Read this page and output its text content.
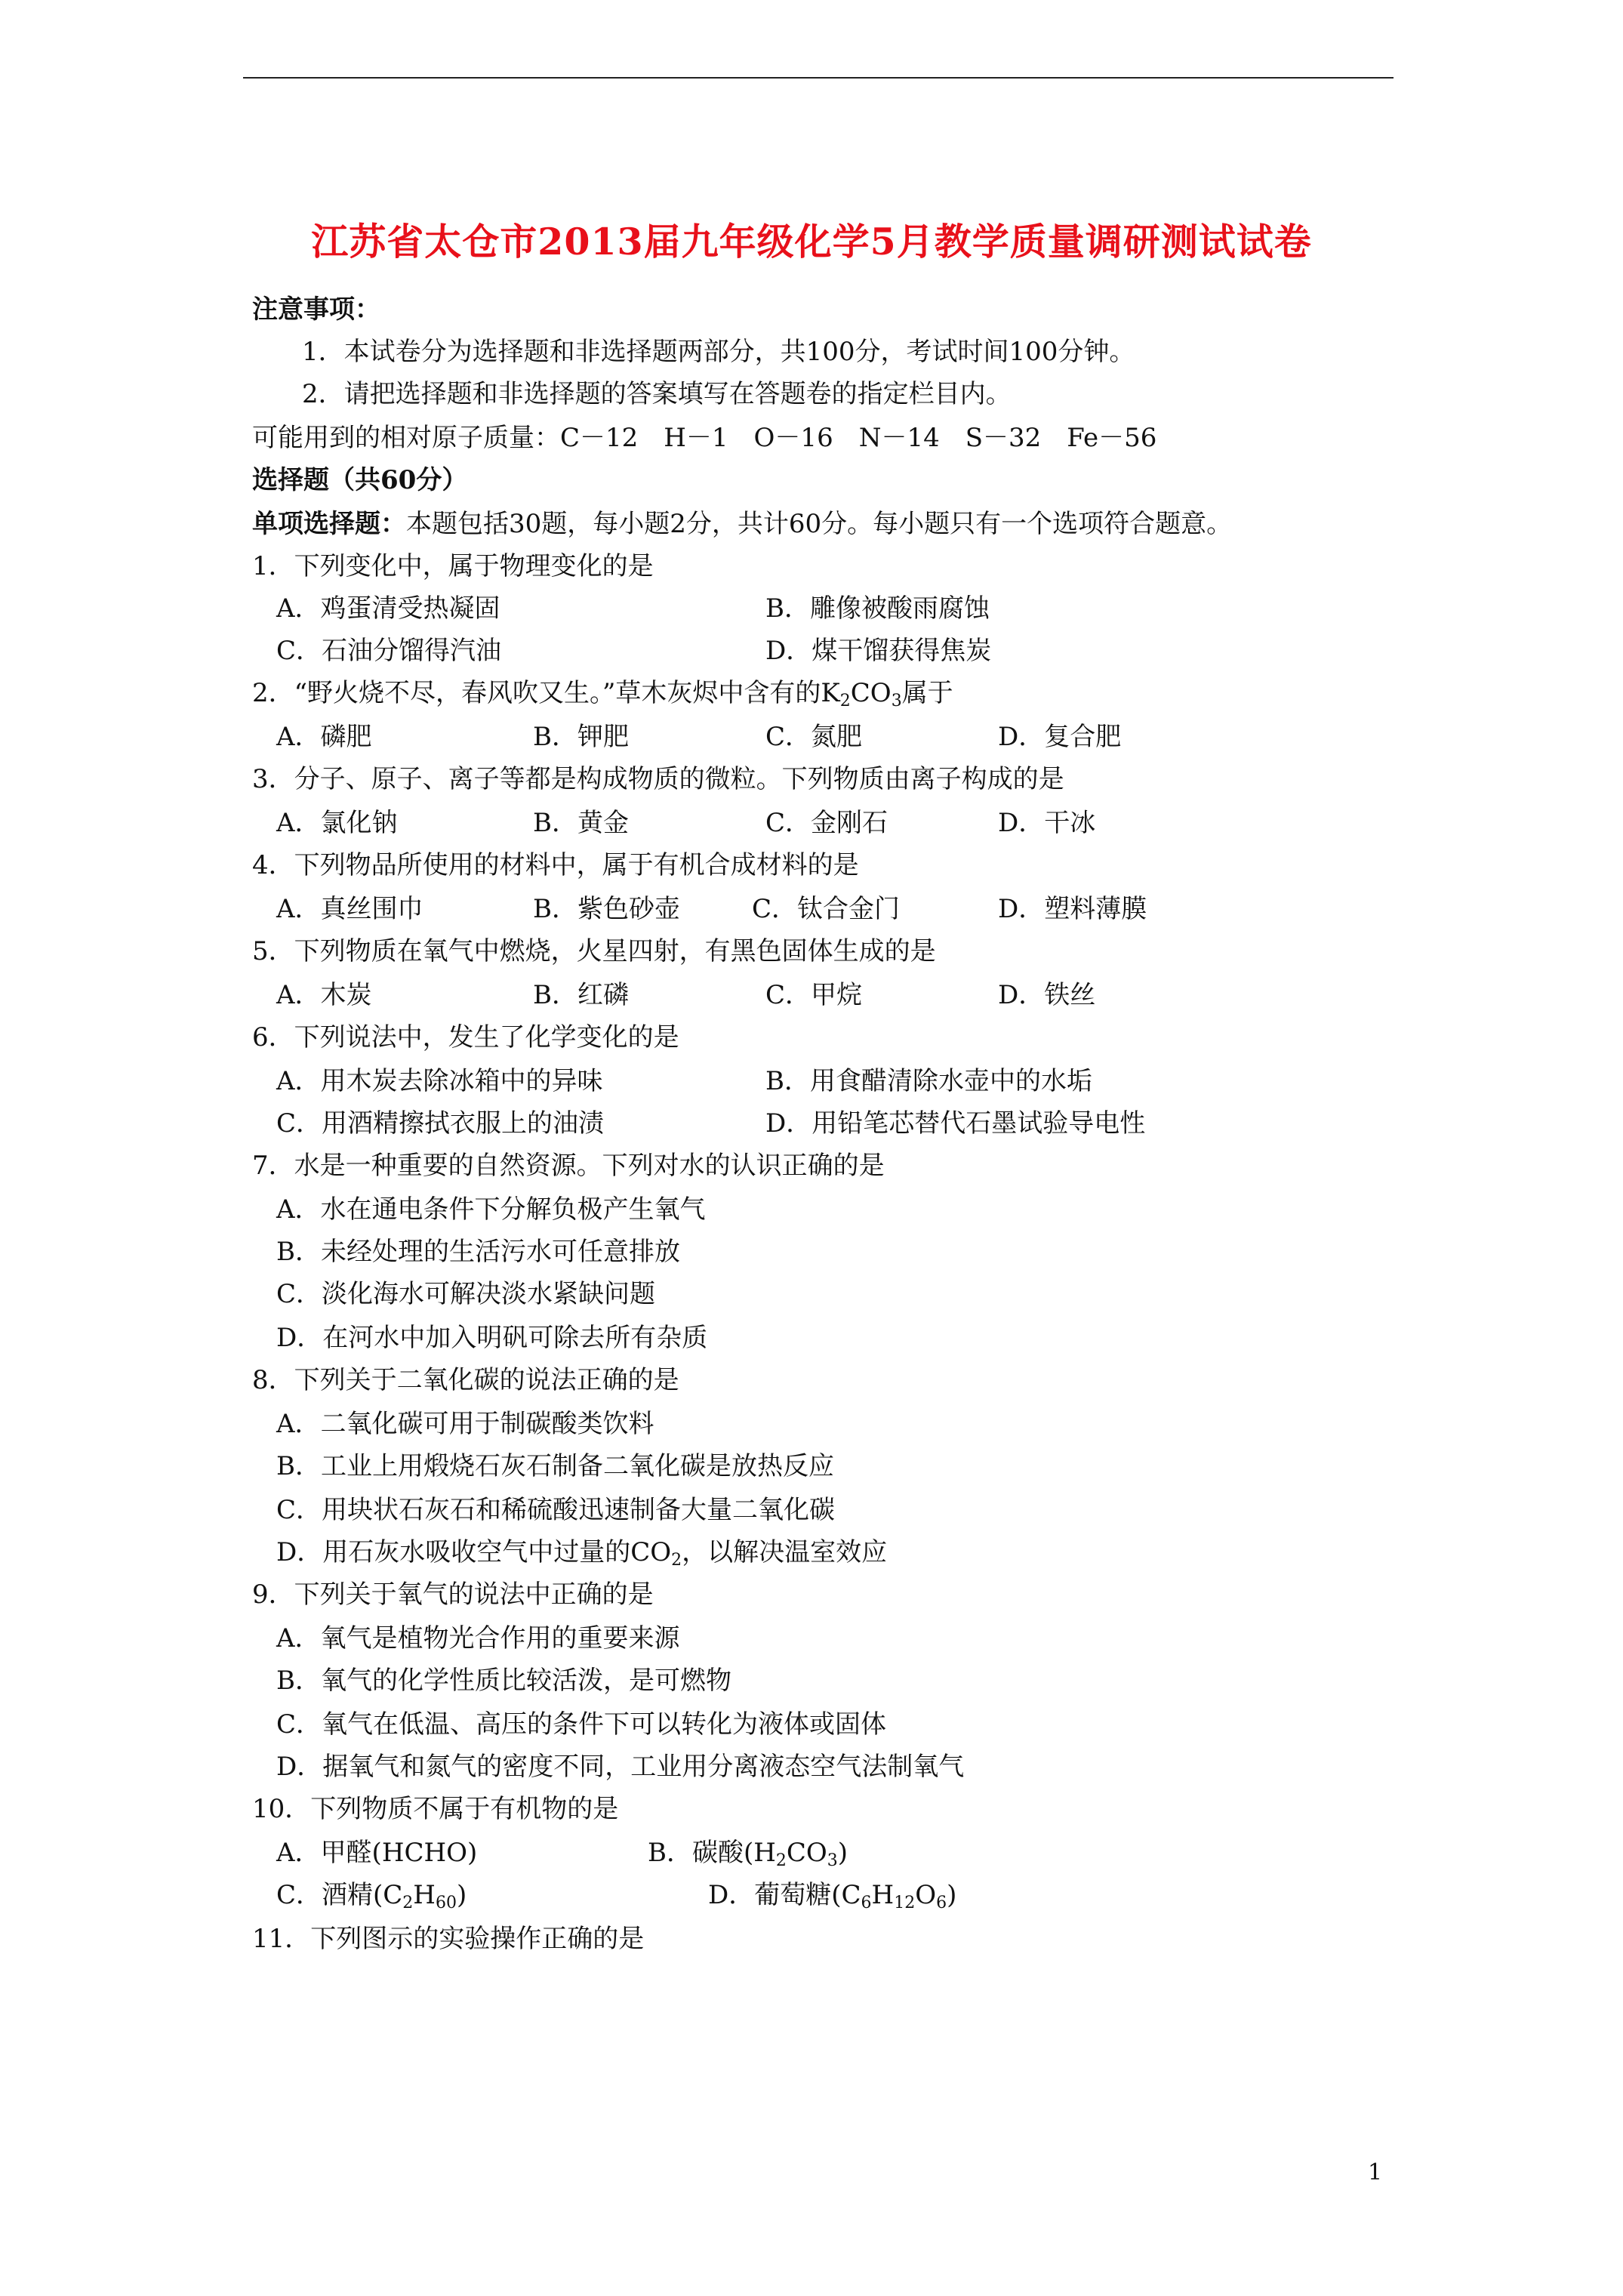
江苏省太仓市2013届九年级化学5月教学质量调研测试试卷
注意事项：
1．本试卷分为选择题和非选择题两部分，共100分，考试时间100分钟。
2．请把选择题和非选择题的答案填写在答题卷的指定栏目内。
可能用到的相对原子质量：C－12　H－1　O－16　N－14　S－32　Fe－56
选择题（共60分）
单项选择题：本题包括30题，每小题2分，共计60分。每小题只有一个选项符合题意。
1．下列变化中，属于物理变化的是
A．鸡蛋清受热凝固	B．雕像被酸雨腐蚀
C．石油分馏得汽油	D．煤干馏获得焦炭
2．“野火烧不尽，春风吹又生。”草木灰烬中含有的$K_2CO_3$属于
A．磷肥	B．钾肥	C．氮肥	D．复合肥
3．分子、原子、离子等都是构成物质的微粒。下列物质由离子构成的是
A．氯化钠	B．黄金	C．金刚石	D．干冰
4．下列物品所使用的材料中，属于有机合成材料的是
A．真丝围巾	B．紫色砂壶	C．钛合金门	D．塑料薄膜
5．下列物质在氧气中燃烧，火星四射，有黑色固体生成的是
A．木炭	B．红磷	C．甲烷	D．铁丝
6．下列说法中，发生了化学变化的是
A．用木炭去除冰箱中的异味	B．用食醋清除水壶中的水垢
C．用酒精擦拭衣服上的油渍	D．用铅笔芯替代石墨试验导电性
7．水是一种重要的自然资源。下列对水的认识正确的是
A．水在通电条件下分解负极产生氧气
B．未经处理的生活污水可任意排放
C．淡化海水可解决淡水紧缺问题
D．在河水中加入明矾可除去所有杂质
8．下列关于二氧化碳的说法正确的是
A．二氧化碳可用于制碳酸类饮料
B．工业上用煅烧石灰石制备二氧化碳是放热反应
C．用块状石灰石和稀硫酸迅速制备大量二氧化碳
D．用石灰水吸收空气中过量的$CO_2$，以解决温室效应
9．下列关于氧气的说法中正确的是
A．氧气是植物光合作用的重要来源
B．氧气的化学性质比较活泼，是可燃物
C．氧气在低温、高压的条件下可以转化为液体或固体
D．据氧气和氮气的密度不同，工业用分离液态空气法制氧气
10．下列物质不属于有机物的是
A．甲醛(HCHO)	B．碳酸$(H_2CO_3)$
C．酒精$(C_2H_{60})$	D．葡萄糖$(C_6H_{12}O_6)$
11．下列图示的实验操作正确的是
1
